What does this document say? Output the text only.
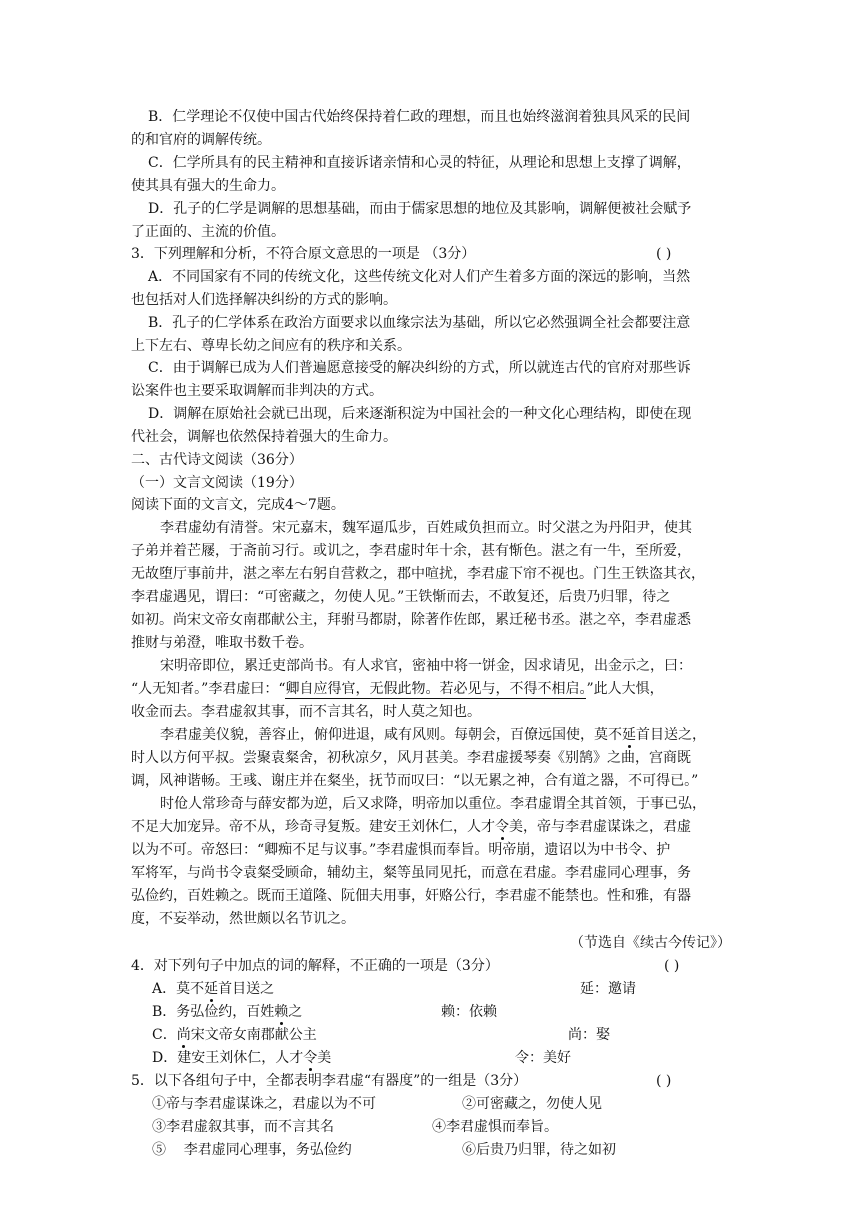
B．仁学理论不仅使中国古代始终保持着仁政的理想，而且也始终滋润着独具风采的民间
的和官府的调解传统。
C．仁学所具有的民主精神和直接诉诸亲情和心灵的特征，从理论和思想上支撑了调解，
使其具有强大的生命力。
D．孔子的仁学是调解的思想基础，而由于儒家思想的地位及其影响，调解便被社会赋予
了正面的、主流的价值。
3．下列理解和分析，不符合原文意思的一项是 （3分）	( )
A．不同国家有不同的传统文化，这些传统文化对人们产生着多方面的深远的影响，当然
也包括对人们选择解决纠纷的方式的影响。
B．孔子的仁学体系在政治方面要求以血缘宗法为基础，所以它必然强调全社会都要注意
上下左右、尊卑长幼之间应有的秩序和关系。
C．由于调解已成为人们普遍愿意接受的解决纠纷的方式，所以就连古代的官府对那些诉
讼案件也主要采取调解而非判决的方式。
D．调解在原始社会就已出现，后来逐渐积淀为中国社会的一种文化心理结构，即使在现
代社会，调解也依然保持着强大的生命力。
二、古代诗文阅读（36分）
（一）文言文阅读（19分）
阅读下面的文言文，完成4～7题。
李君虚幼有清誉。宋元嘉末，魏军逼瓜步，百姓咸负担而立。时父湛之为丹阳尹，使其
子弟并着芒屦，于斋前习行。或讥之，李君虚时年十余，甚有惭色。湛之有一牛，至所爱，
无故堕厅事前井，湛之率左右躬自营救之，郡中喧扰，李君虚下帘不视也。门生王铁盗其衣，
李君虚遇见，谓曰：“可密藏之，勿使人见。”王铁惭而去，不敢复还，后贵乃归罪，待之
如初。尚宋文帝女南郡献公主，拜驸马都尉，除著作佐郎，累迁秘书丞。湛之卒，李君虚悉
推财与弟澄，唯取书数千卷。
宋明帝即位，累迁吏部尚书。有人求官，密袖中将一饼金，因求请见，出金示之，曰：
“人无知者。”李君虚曰：“卿自应得官，无假此物。若必见与，不得不相启。”此人大惧，
收金而去。李君虚叙其事，而不言其名，时人莫之知也。
李君虚美仪貌，善容止，俯仰进退，咸有风则。每朝会，百僚远国使，莫不延首目送之，
时人以方何平叔。尝聚袁粲舍，初秋凉夕，风月甚美。李君虚援琴奏《别鹄》之曲，宫商既
调，风神谐畅。王彧、谢庄并在粲坐，抚节而叹曰：“以无累之神，合有道之器，不可得已。”
时伧人常珍奇与薛安都为逆，后又求降，明帝加以重位。李君虚谓全其首领，于事已弘，
不足大加宠异。帝不从，珍奇寻复叛。建安王刘休仁，人才令美，帝与李君虚谋诛之，君虚
以为不可。帝怒曰：“卿痴不足与议事。”李君虚惧而奉旨。明帝崩，遗诏以为中书令、护
军将军，与尚书令袁粲受顾命，辅幼主，粲等虽同见托，而意在君虚。李君虚同心理事，务
弘俭约，百姓赖之。既而王道隆、阮佃夫用事，奸赂公行，李君虚不能禁也。性和雅，有器
度，不妄举动，然世颇以名节讥之。
（节选自《续古今传记》）
4．对下列句子中加点的词的解释，不正确的一项是（3分）	( )
A．莫不延首目送之	延：邀请
B．务弘俭约，百姓赖之	赖：依赖
C．尚宋文帝女南郡献公主	尚：娶
D．建安王刘休仁，人才令美	令：美好
5．以下各组句子中，全都表明李君虚“有器度”的一组是（3分）	( )
①帝与李君虚谋诛之，君虚以为不可	②可密藏之，勿使人见
③李君虚叙其事，而不言其名	④李君虚惧而奉旨。
⑤    李君虚同心理事，务弘俭约	⑥后贵乃归罪，待之如初
